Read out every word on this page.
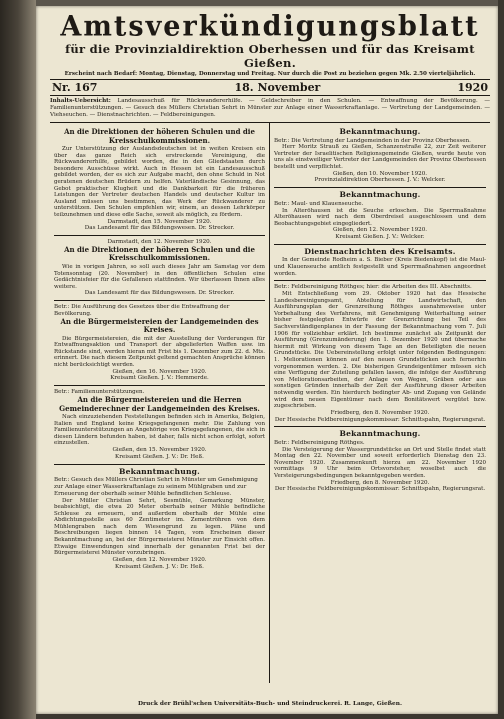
Amtsverkündigungsblatt
für die Provinzialdirektion Oberhessen und für das Kreisamt Gießen.
Erscheint nach Bedarf: Montag, Dienstag, Donnerstag und Freitag. Nur durch die Post zu beziehen gegen Mk. 2.50 vierteljährlich.
Nr. 167	18. November	1920
Inhalts-Uebersicht: Landesausschuß für Rückwandererhilfe. — Geldschreiber in den Schulen. — Entwaffnung der Bevölkerung. — Familienunterstützungen. — Gesuch des Müllers Christian Sehrt in Münster zur Anlage einer Wasserkraftanlage. — Vertretung der Landgemeinden. — Viehseuchen. — Dienstnachrichten. — Feldbereinigungen.
An die Direktionen der höheren Schulen und die Kreisschulkommissionen.

Zur Unterstützung der Auslandsdeutschen ist in weiten Kreisen ein über das ganze Reich sich erstreckende Vereinigung, die Rückwandererhilfe, gebildet worden, die in den Gliedstaaten durch besondere Ausschüsse wirkt. Auch in Hessen ist ein Landesausschuß gebildet worden, der es sich zur Aufgabe macht, den ohne Schuld in Not geratenen deutschen Brüdern zu helfen. Vaterländische Gesinnung, das Gebot praktischer Klugheit und die Dankbarkeit für die früheren Leistungen der Vertreter deutschen Handels und deutscher Kultur im Ausland müssen uns bestimmen, das Werk der Rückwanderer zu unterstützen. Den Schulen empfehlen wir, einem, an dessen Lehrkörper teilzunehmen und diese edle Sache, soweit als möglich, zu fördern.

Darmstadt, den 15. November 1920.
Das Landesamt für das Bildungswesen. Dr. Strecker.
Darmstadt, den 12. November 1920.
An die Direktionen der höheren Schulen und die Kreisschulkommissionen.

Wie in vorigen Jahren, so soll auch dieses Jahr am Samstag vor dem Totensonntag (20. November) in den öffentlichen Schulen eine Gedächtnisfeier für die Gefallenen stattfinden. Wir überlassen Ihnen alles weitere.

Das Landesamt für das Bildungswesen. Dr. Strecker.
Betr.: Die Ausführung des Gesetzes über die Entwaffnung der Bevölkerung.
An die Bürgermeistereien der Landgemeinden des Kreises.

Die Bürgermeistereien, die mit der Ausstellung der Vorderungen für Entwaffnungsaktion und Transport der abgelieferten Waffen usw. im Rückstande sind, werden hieran mit Frist bis 1. Dezember zum 22. d. Mts. erinnert. Die nach diesem Zeitpunkt geltend gemachten Ansprüche können nicht berücksichtigt werden.

Gießen, den 16. November 1920.
Kreisamt Gießen. J. V.: Hemmerde.
Betr.: Familienunterstützungen.
An die Bürgermeistereien und die Herren Gemeinderechner der Landgemeinden des Kreises.

Nach einzuziehenden Feststellungen befinden sich in Amerika, Belgien, Italien und England keine Kriegsgefangenen mehr. Die Zahlung von Familienunterstützungen an Angehörige von Kriegsgefangenen, die sich in diesen Ländern befunden haben, ist daher, falls nicht schon erfolgt, sofort einzustellen.

Gießen, den 15. November 1920.
Kreisamt Gießen. J. V.: Dr. Heß.
Bekanntmachung.
Betr.: Gesuch des Müllers Christian Sehrt in Münster um Genehmigung zur Anlage einer Wasserkraftanlage zu seinem Mühlgraben und zur Erneuerung der oberhalb seiner Mühle befindlichen Schleuse.

Der Müller Christian Sehrt, Sesmühle, Gemarkung Münster, beabsichtigt, die etwa 20 Meter oberhalb seiner Mühle befindliche Schleuse zu erneuern, und außerdem oberhalb der Mühle eine Abdichtungsstelle aus 60 Zentimeter im. Zementröhren von dem Mühlengraben nach dem Wiesengrund zu legen. Pläne und Beschreibungen liegen binnen 14 Tagen, vom Erscheinen dieser Bekanntmachung an, bei der Bürgermeisterei Münster zur Einsicht offen. Etwaige Einwendungen sind innerhalb der genannten Frist bei der Bürgermeisterei Münster vorzubringen.

Gießen, den 12. November 1920.
Kreisamt Gießen. J. V.: Dr. Heß.
Bekanntmachung.
Betr.: Die Vertretung der Landgemeinden in der Provinz Oberhessen.

Herr Moritz Strauß zu Gießen, Schanzenstraße 22, zur Zeit weiterer Vertreter der Israelitischen Religionsgemeinde Gießen, wurde heute von uns als einstweiliger Vertreter der Landgemeinden der Provinz Oberhessen bestellt und verpflichtet.

Gießen, den 10. November 1920.
Provinzialdirektion Oberhessen. J. V.: Welcker.
Bekanntmachung.
Betr.: Maul- und Klauenseuche.

In Alteröhausen ist die Seuche erloschen. Die Sperrmaßnahme Alteröhausen wird nach dem Oberdreisel ausgeschlossen und dem Beobachtungsgebiet eingegliedert.

Gießen, den 12. November 1920.
Kreisamt Gießen. J. V.: Welcker.
Dienstnachrichten des Kreisamts.

In der Gemeinde Rodheim a. S. Bieber (Kreis Biedenkopf) ist die Maul- und Klauenseuche amtlich festgestellt und Sperrmaßnahmen angeordnet worden.

Betr.: Feldbereinigung Röthges; hier: die Arbeiten des III. Abschnitts.

Mit Entschließung vom 29. Oktober 1920 hat das Hessische Landesbereinigungsamt, Abteilung für Landwirtschaft, den Ausführungsplan der Grenzreihung Röthges ausnahmsweise unter Vorbehaltung des Verfahrens, mit Genehmigung Weiterhaltung seiner bisher festgelegten Entwürfe der Grenzrichtung bei Teil des Sachverständigenplanes in der Fassung der Bekanntmachung vom 7. Juli 1906 für vollziehbar erklärt. Ich bestimme zunächst als Zeitpunkt der Ausführung (Grenzumänderung) den 1. Dezember 1920 und übermache hiermit mit Wirkung von diesem Tage an den Beteiligten die neuen Grundstücke. Die Uebereinstellung erfolgt unter folgenden Bedingungen: 1. Meliorationen können auf den neuen Grundstücken auch fernerhin vorgenommen werden. 2. Die bisherigen Grundeigentümer müssen sich eine Verfügung der Zuteilung gefallen lassen, die infolge der Ausführung von Meliorationsarbeiten, der Anlage von Wegen, Gräben oder aus sonstigen Gründen innerhalb der Zeit der Ausführung dieser Arbeiten notwendig werden. Ein hierdurch bedingter Ab- und Zugang von Gelände wird dem neuen Eigentümer nach dem Bonitätswert vergütet bzw. zugeschrieben.

Friedberg, den 8. November 1920.
Der Hessische Feldbereinigungskommissar: Schnittspahn, Regierungsrat.
Bekanntmachung.
Betr.: Feldbereinigung Röthges.

Die Versteigerung der Wassergrundstücke an Ort und Stelle findet statt Montag den 22. November und soweit erforderlich Dienstag den 23. November 1920. Zusammenkunft hierzu am 22. November 1920 vormittags 9 Uhr beim Ortsvorsteher, woselbst auch die Versteigerungsbedingungen bekanntgegeben werden.

Friedberg, den 8. November 1920.
Der Hessische Feldbereinigungskommissar: Schnittspahn, Regierungsrat.
Druck der Brühl'schen Universitäts-Buch- und Steindruckerei. R. Lange, Gießen.
